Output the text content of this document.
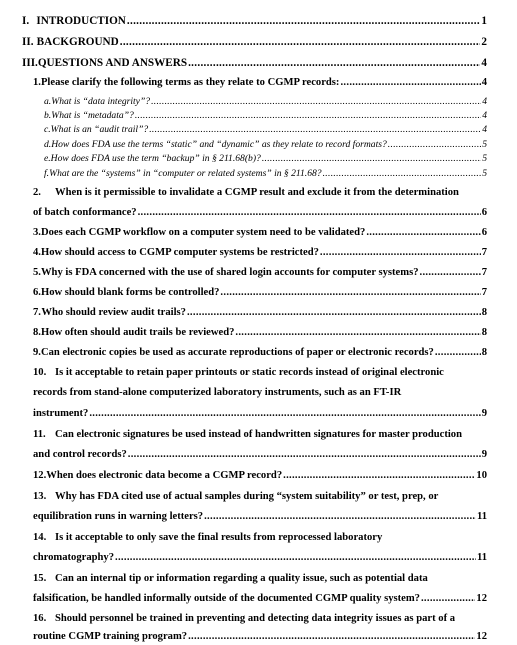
I. INTRODUCTION .....	1
II. BACKGROUND .....	2
III. QUESTIONS AND ANSWERS .....	4
1. Please clarify the following terms as they relate to CGMP records: .....	4
a. What is “data integrity”? .....	4
b. What is “metadata”? .....	4
c. What is an “audit trail”? .....	4
d. How does FDA use the terms “static” and “dynamic” as they relate to record formats? .....	5
e. How does FDA use the term “backup” in § 211.68(b)? .....	5
f. What are the “systems” in “computer or related systems” in § 211.68? .....	5
2.	When is it permissible to invalidate a CGMP result and exclude it from the determination
of batch conformance? .....	6
3. Does each CGMP workflow on a computer system need to be validated? .....	6
4. How should access to CGMP computer systems be restricted? .....	7
5. Why is FDA concerned with the use of shared login accounts for computer systems? .....	7
6. How should blank forms be controlled? .....	7
7. Who should review audit trails? .....	8
8. How often should audit trails be reviewed? .....	8
9. Can electronic copies be used as accurate reproductions of paper or electronic records? .....	8
10. Is it acceptable to retain paper printouts or static records instead of original electronic
records from stand-alone computerized laboratory instruments, such as an FT-IR
instrument? .....	9
11. Can electronic signatures be used instead of handwritten signatures for master production
and control records? .....	9
12. When does electronic data become a CGMP record? .....	10
13. Why has FDA cited use of actual samples during “system suitability” or test, prep, or
equilibration runs in warning letters? .....	11
14. Is it acceptable to only save the final results from reprocessed laboratory
chromatography? .....	11
15. Can an internal tip or information regarding a quality issue, such as potential data
falsification, be handled informally outside of the documented CGMP quality system? .....	12
16. Should personnel be trained in preventing and detecting data integrity issues as part of a
routine CGMP training program? .....	12
